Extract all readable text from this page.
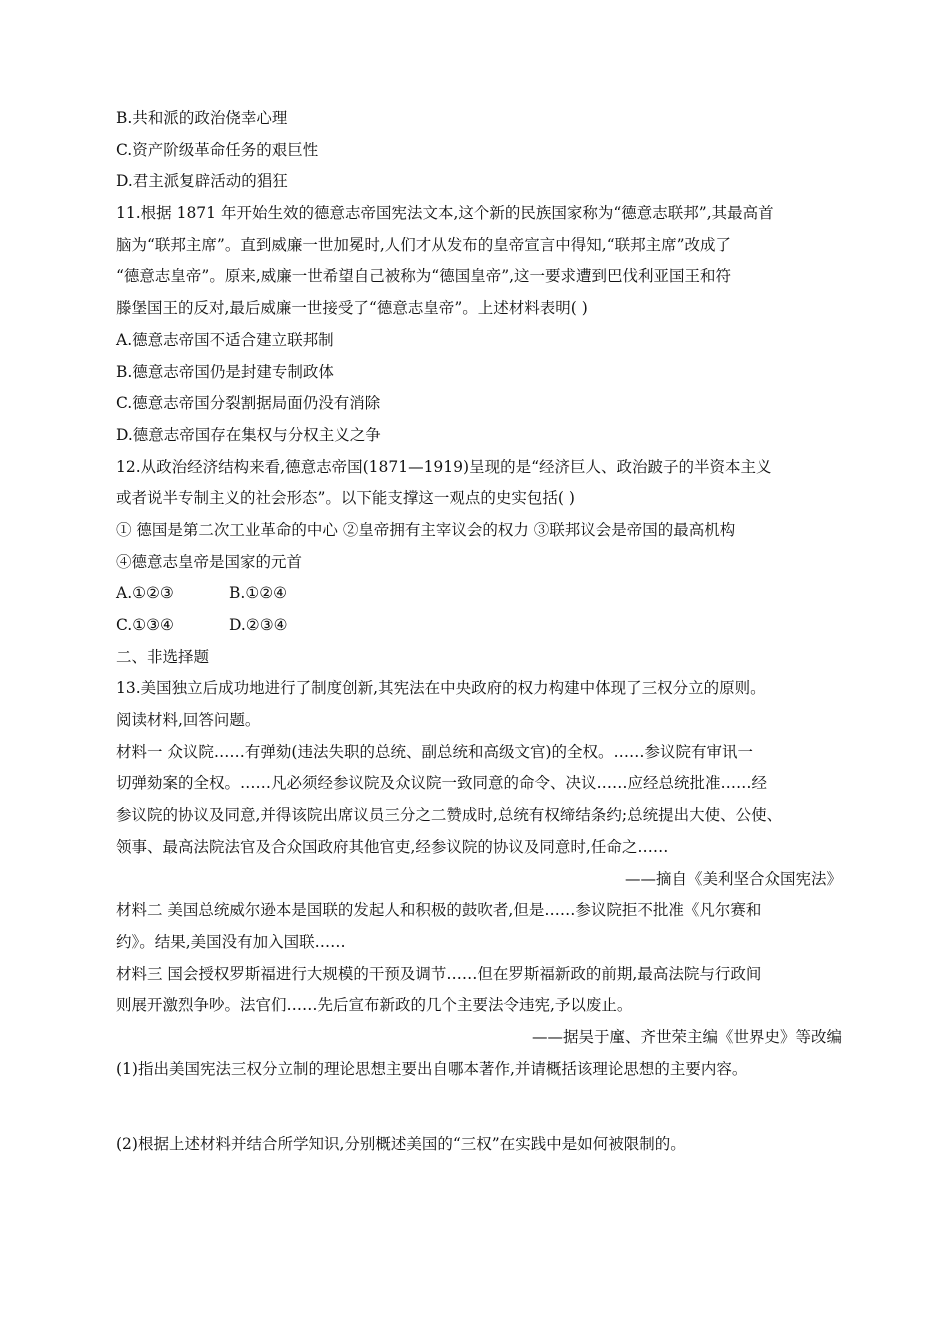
B.共和派的政治侥幸心理

C.资产阶级革命任务的艰巨性

D.君主派复辟活动的猖狂

11.根据 1871 年开始生效的德意志帝国宪法文本,这个新的民族国家称为“德意志联邦”,其最高首

脑为“联邦主席”。直到威廉一世加冕时,人们才从发布的皇帝宣言中得知,“联邦主席”改成了

“德意志皇帝”。原来,威廉一世希望自己被称为“德国皇帝”,这一要求遭到巴伐利亚国王和符

滕堡国王的反对,最后威廉一世接受了“德意志皇帝”。上述材料表明( )

A.德意志帝国不适合建立联邦制

B.德意志帝国仍是封建专制政体

C.德意志帝国分裂割据局面仍没有消除

D.德意志帝国存在集权与分权主义之争

12.从政治经济结构来看,德意志帝国(1871—1919)呈现的是“经济巨人、政治跛子的半资本主义

或者说半专制主义的社会形态”。以下能支撑这一观点的史实包括( )

① 德国是第二次工业革命的中心 ②皇帝拥有主宰议会的权力 ③联邦议会是帝国的最高机构

④德意志皇帝是国家的元首

A.①②③	B.①②④
C.①③④	D.②③④

二、非选择题

13.美国独立后成功地进行了制度创新,其宪法在中央政府的权力构建中体现了三权分立的原则。

阅读材料,回答问题。

材料一 众议院……有弹劾(违法失职的总统、副总统和高级文官)的全权。……参议院有审讯一

切弹劾案的全权。……凡必须经参议院及众议院一致同意的命令、决议……应经总统批准……经

参议院的协议及同意,并得该院出席议员三分之二赞成时,总统有权缔结条约;总统提出大使、公使、

领事、最高法院法官及合众国政府其他官吏,经参议院的协议及同意时,任命之……

——摘自《美利坚合众国宪法》

材料二 美国总统威尔逊本是国联的发起人和积极的鼓吹者,但是……参议院拒不批准《凡尔赛和

约》。结果,美国没有加入国联……

材料三 国会授权罗斯福进行大规模的干预及调节……但在罗斯福新政的前期,最高法院与行政间

则展开激烈争吵。法官们……先后宣布新政的几个主要法令违宪,予以废止。

——据吴于廑、齐世荣主编《世界史》等改编

(1)指出美国宪法三权分立制的理论思想主要出自哪本著作,并请概括该理论思想的主要内容。

(2)根据上述材料并结合所学知识,分别概述美国的“三权”在实践中是如何被限制的。
